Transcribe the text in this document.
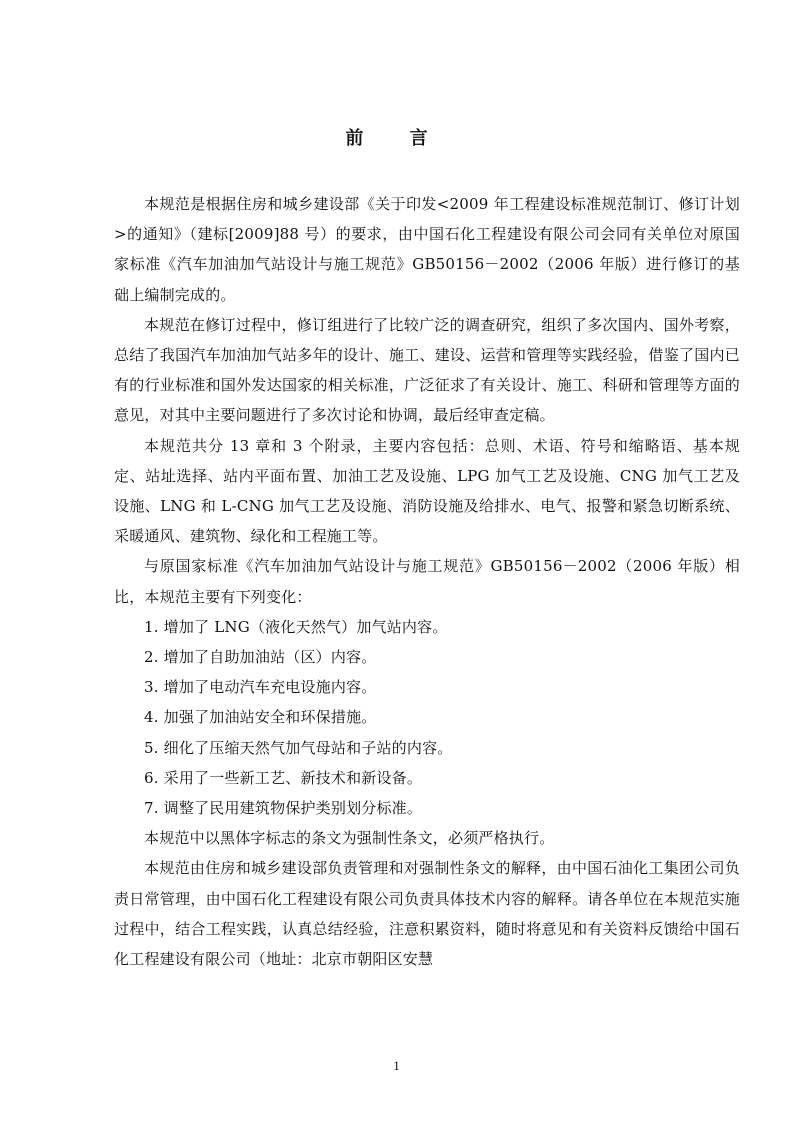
前 言

本规范是根据住房和城乡建设部《关于印发<2009 年工程建设标准规范制订、修订计划>的通知》（建标[2009]88 号）的要求，由中国石化工程建设有限公司会同有关单位对原国家标准《汽车加油加气站设计与施工规范》GB50156－2002（2006 年版）进行修订的基础上编制完成的。

本规范在修订过程中，修订组进行了比较广泛的调查研究，组织了多次国内、国外考察，总结了我国汽车加油加气站多年的设计、施工、建设、运营和管理等实践经验，借鉴了国内已有的行业标准和国外发达国家的相关标准，广泛征求了有关设计、施工、科研和管理等方面的意见，对其中主要问题进行了多次讨论和协调，最后经审查定稿。

本规范共分 13 章和 3 个附录，主要内容包括：总则、术语、符号和缩略语、基本规定、站址选择、站内平面布置、加油工艺及设施、LPG 加气工艺及设施、CNG 加气工艺及设施、LNG 和 L-CNG 加气工艺及设施、消防设施及给排水、电气、报警和紧急切断系统、采暖通风、建筑物、绿化和工程施工等。

与原国家标准《汽车加油加气站设计与施工规范》GB50156－2002（2006 年版）相比，本规范主要有下列变化：

1. 增加了 LNG（液化天然气）加气站内容。

2. 增加了自助加油站（区）内容。

3. 增加了电动汽车充电设施内容。

4. 加强了加油站安全和环保措施。

5. 细化了压缩天然气加气母站和子站的内容。

6. 采用了一些新工艺、新技术和新设备。

7. 调整了民用建筑物保护类别划分标准。

本规范中以黑体字标志的条文为强制性条文，必须严格执行。

本规范由住房和城乡建设部负责管理和对强制性条文的解释，由中国石油化工集团公司负责日常管理，由中国石化工程建设有限公司负责具体技术内容的解释。请各单位在本规范实施过程中，结合工程实践，认真总结经验，注意积累资料，随时将意见和有关资料反馈给中国石化工程建设有限公司（地址：北京市朝阳区安慧

1
